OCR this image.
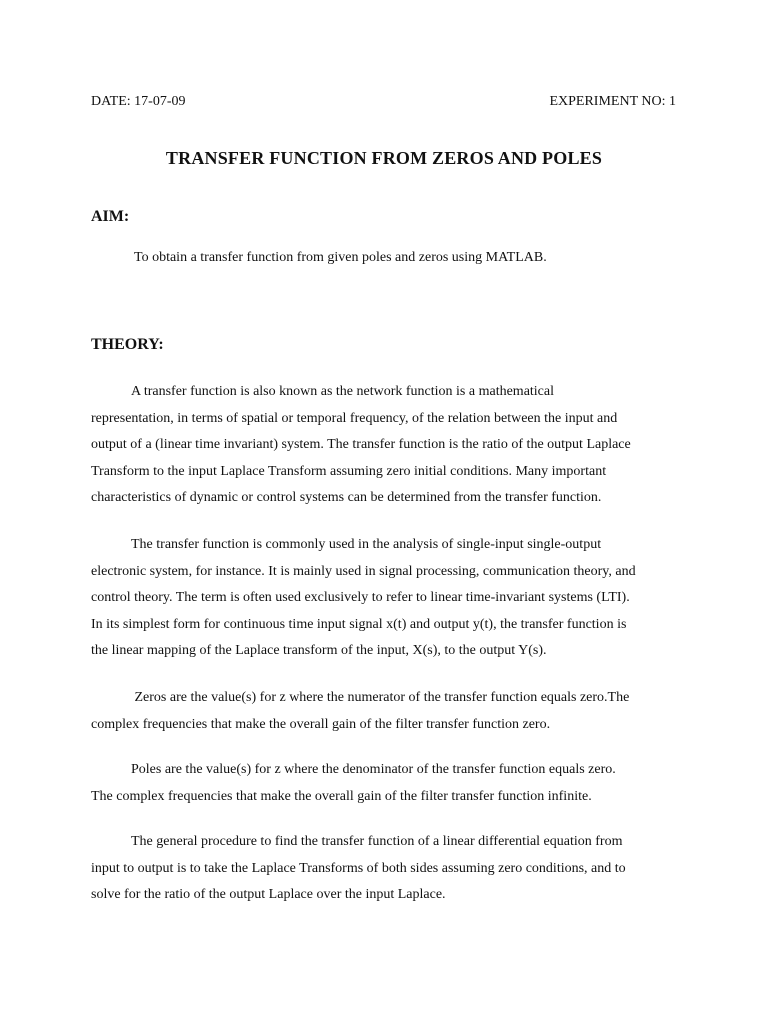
DATE: 17-07-09	EXPERIMENT NO: 1
TRANSFER FUNCTION FROM ZEROS AND POLES
AIM:
To obtain a transfer function from given poles and zeros using MATLAB.
THEORY:
A transfer function is also known as the network function is a mathematical
representation, in terms of spatial or temporal frequency, of the relation between the input and
output of a (linear time invariant) system. The transfer function is the ratio of the output Laplace
Transform to the input Laplace Transform assuming zero initial conditions. Many important
characteristics of dynamic or control systems can be determined from the transfer function.
The transfer function is commonly used in the analysis of single-input single-output
electronic system, for instance. It is mainly used in signal processing, communication theory, and
control theory. The term is often used exclusively to refer to linear time-invariant systems (LTI).
In its simplest form for continuous time input signal x(t) and output y(t), the transfer function is
the linear mapping of the Laplace transform of the input, X(s), to the output Y(s).
Zeros are the value(s) for z where the numerator of the transfer function equals zero.The
complex frequencies that make the overall gain of the filter transfer function zero.
Poles are the value(s) for z where the denominator of the transfer function equals zero.
The complex frequencies that make the overall gain of the filter transfer function infinite.
The general procedure to find the transfer function of a linear differential equation from
input to output is to take the Laplace Transforms of both sides assuming zero conditions, and to
solve for the ratio of the output Laplace over the input Laplace.
